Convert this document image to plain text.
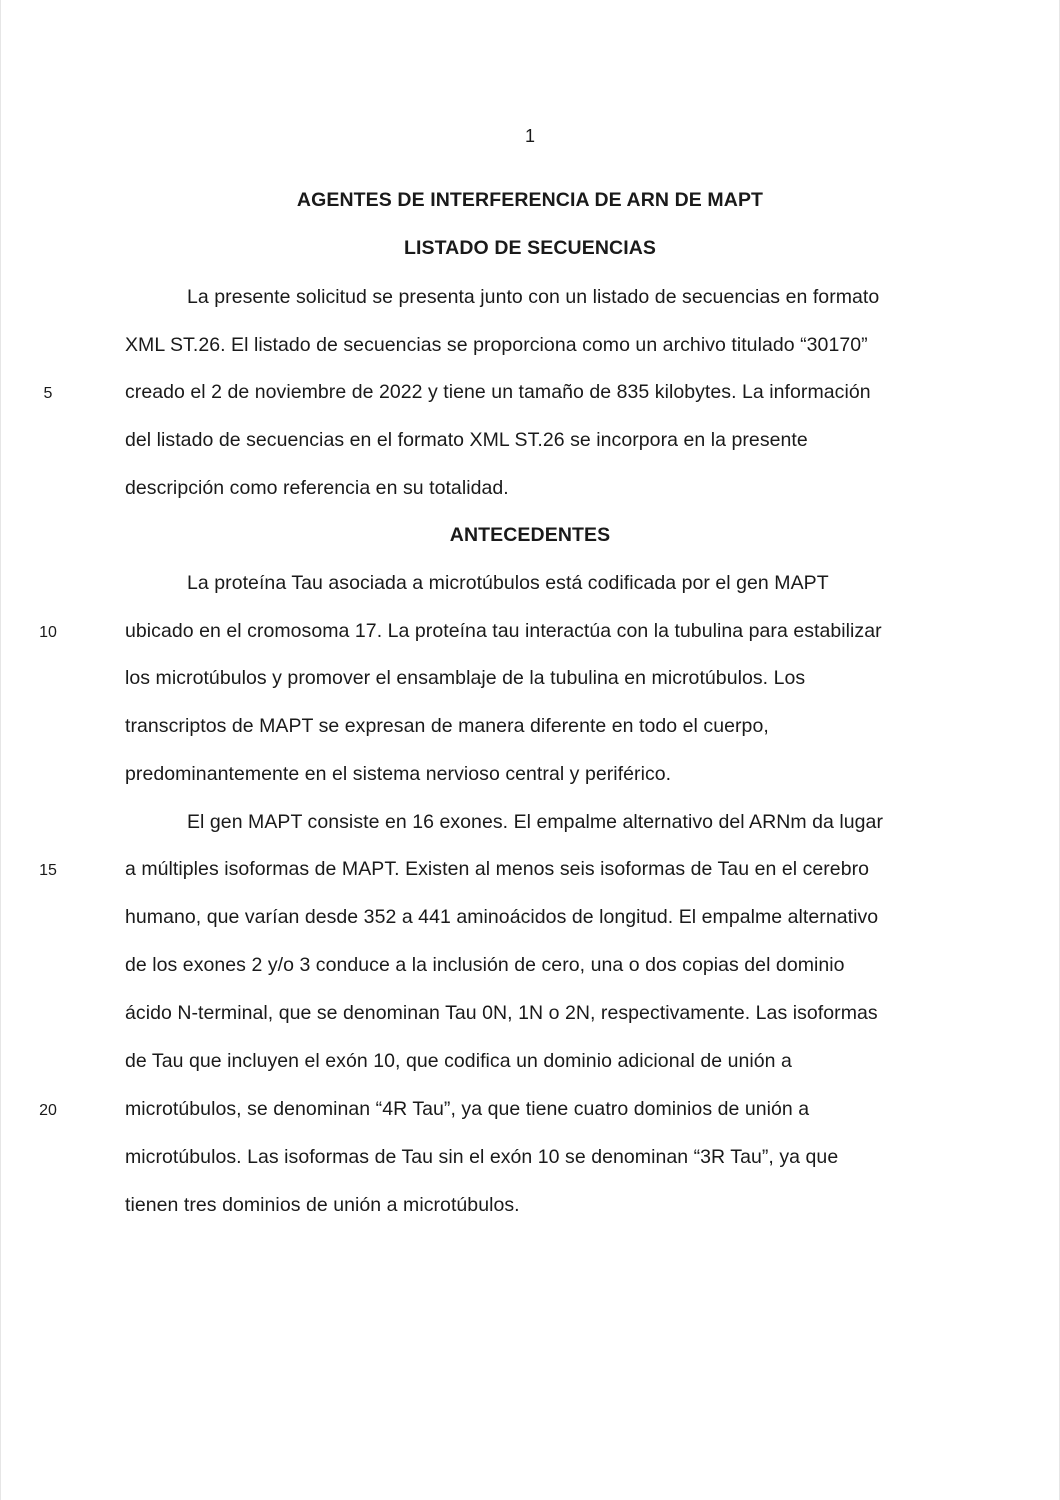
1
AGENTES DE INTERFERENCIA DE ARN DE MAPT
LISTADO DE SECUENCIAS
La presente solicitud se presenta junto con un listado de secuencias en formato
XML ST.26. El listado de secuencias se proporciona como un archivo titulado “30170”
creado el 2 de noviembre de 2022 y tiene un tamaño de 835 kilobytes. La información
del listado de secuencias en el formato XML ST.26 se incorpora en la presente
descripción como referencia en su totalidad.
ANTECEDENTES
La proteína Tau asociada a microtúbulos está codificada por el gen MAPT
ubicado en el cromosoma 17. La proteína tau interactúa con la tubulina para estabilizar
los microtúbulos y promover el ensamblaje de la tubulina en microtúbulos. Los
transcriptos de MAPT se expresan de manera diferente en todo el cuerpo,
predominantemente en el sistema nervioso central y periférico.
El gen MAPT consiste en 16 exones. El empalme alternativo del ARNm da lugar
a múltiples isoformas de MAPT. Existen al menos seis isoformas de Tau en el cerebro
humano, que varían desde 352 a 441 aminoácidos de longitud. El empalme alternativo
de los exones 2 y/o 3 conduce a la inclusión de cero, una o dos copias del dominio
ácido N-terminal, que se denominan Tau 0N, 1N o 2N, respectivamente. Las isoformas
de Tau que incluyen el exón 10, que codifica un dominio adicional de unión a
microtúbulos, se denominan “4R Tau”, ya que tiene cuatro dominios de unión a
microtúbulos. Las isoformas de Tau sin el exón 10 se denominan “3R Tau”, ya que
tienen tres dominios de unión a microtúbulos.
5
10
15
20
